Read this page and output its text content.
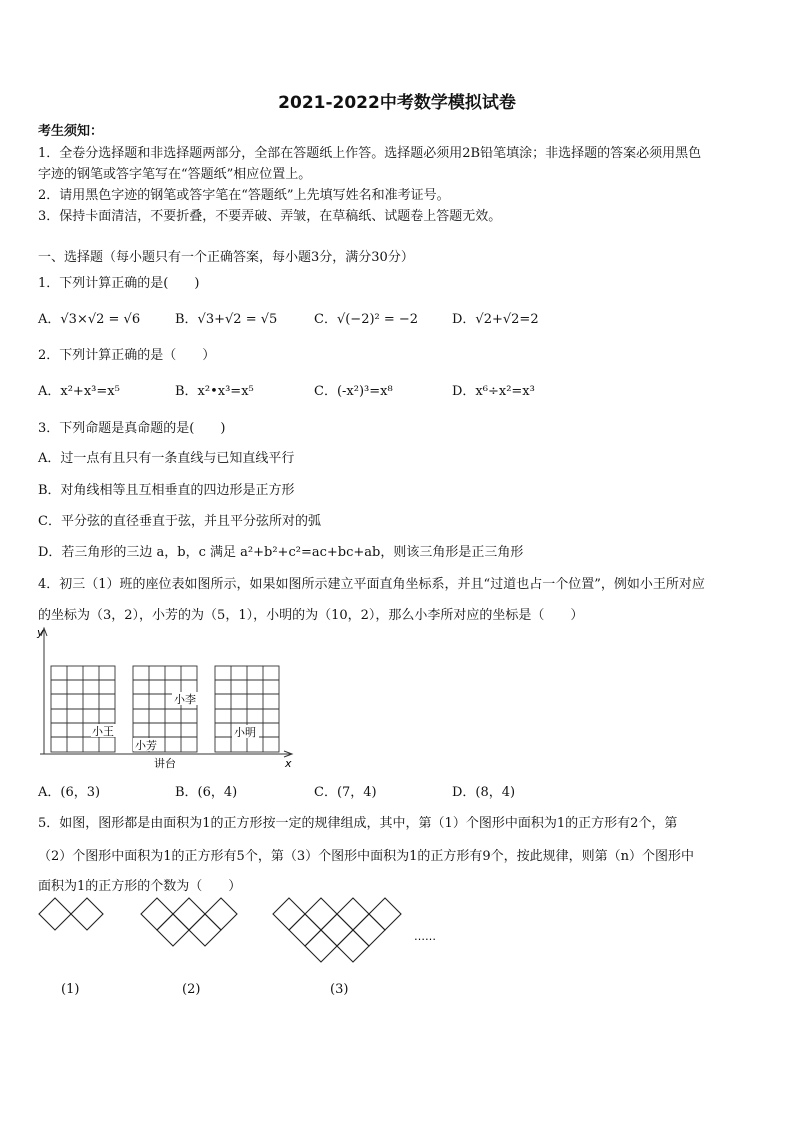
2021-2022中考数学模拟试卷
考生须知：
1．全卷分选择题和非选择题两部分，全部在答题纸上作答。选择题必须用2B铅笔填涂；非选择题的答案必须用黑色
字迹的钢笔或答字笔写在“答题纸”相应位置上。
2．请用黑色字迹的钢笔或答字笔在“答题纸”上先填写姓名和准考证号。
3．保持卡面清洁，不要折叠，不要弄破、弄皱，在草稿纸、试题卷上答题无效。
一、选择题（每小题只有一个正确答案，每小题3分，满分30分）
1．下列计算正确的是(　　)
A．√3×√2 = √6	B．√3+√2 = √5	C．√(−2)² = −2	D．√2+√2=2
2．下列计算正确的是（　　）
A．x²+x³=x⁵	B．x²•x³=x⁵	C．(-x²)³=x⁸	D．x⁶÷x²=x³
3．下列命题是真命题的是(　　)
A．过一点有且只有一条直线与已知直线平行
B．对角线相等且互相垂直的四边形是正方形
C．平分弦的直径垂直于弦，并且平分弦所对的弧
D．若三角形的三边 a，b，c 满足 a²+b²+c²=ac+bc+ab，则该三角形是正三角形
4．初三（1）班的座位表如图所示，如果如图所示建立平面直角坐标系，并且“过道也占一个位置”，例如小王所对应
的坐标为（3，2），小芳的为（5，1），小明的为（10，2），那么小李所对应的坐标是（　　）
y
x
小王
小芳
小李
小明
讲台
A．(6，3)	B．(6，4)	C．(7，4)	D．(8，4)
5．如图，图形都是由面积为1的正方形按一定的规律组成，其中，第（1）个图形中面积为1的正方形有2个，第
（2）个图形中面积为1的正方形有5个，第（3）个图形中面积为1的正方形有9个，按此规律，则第（n）个图形中
面积为1的正方形的个数为（　　）
……
(1)	(2)	(3)
